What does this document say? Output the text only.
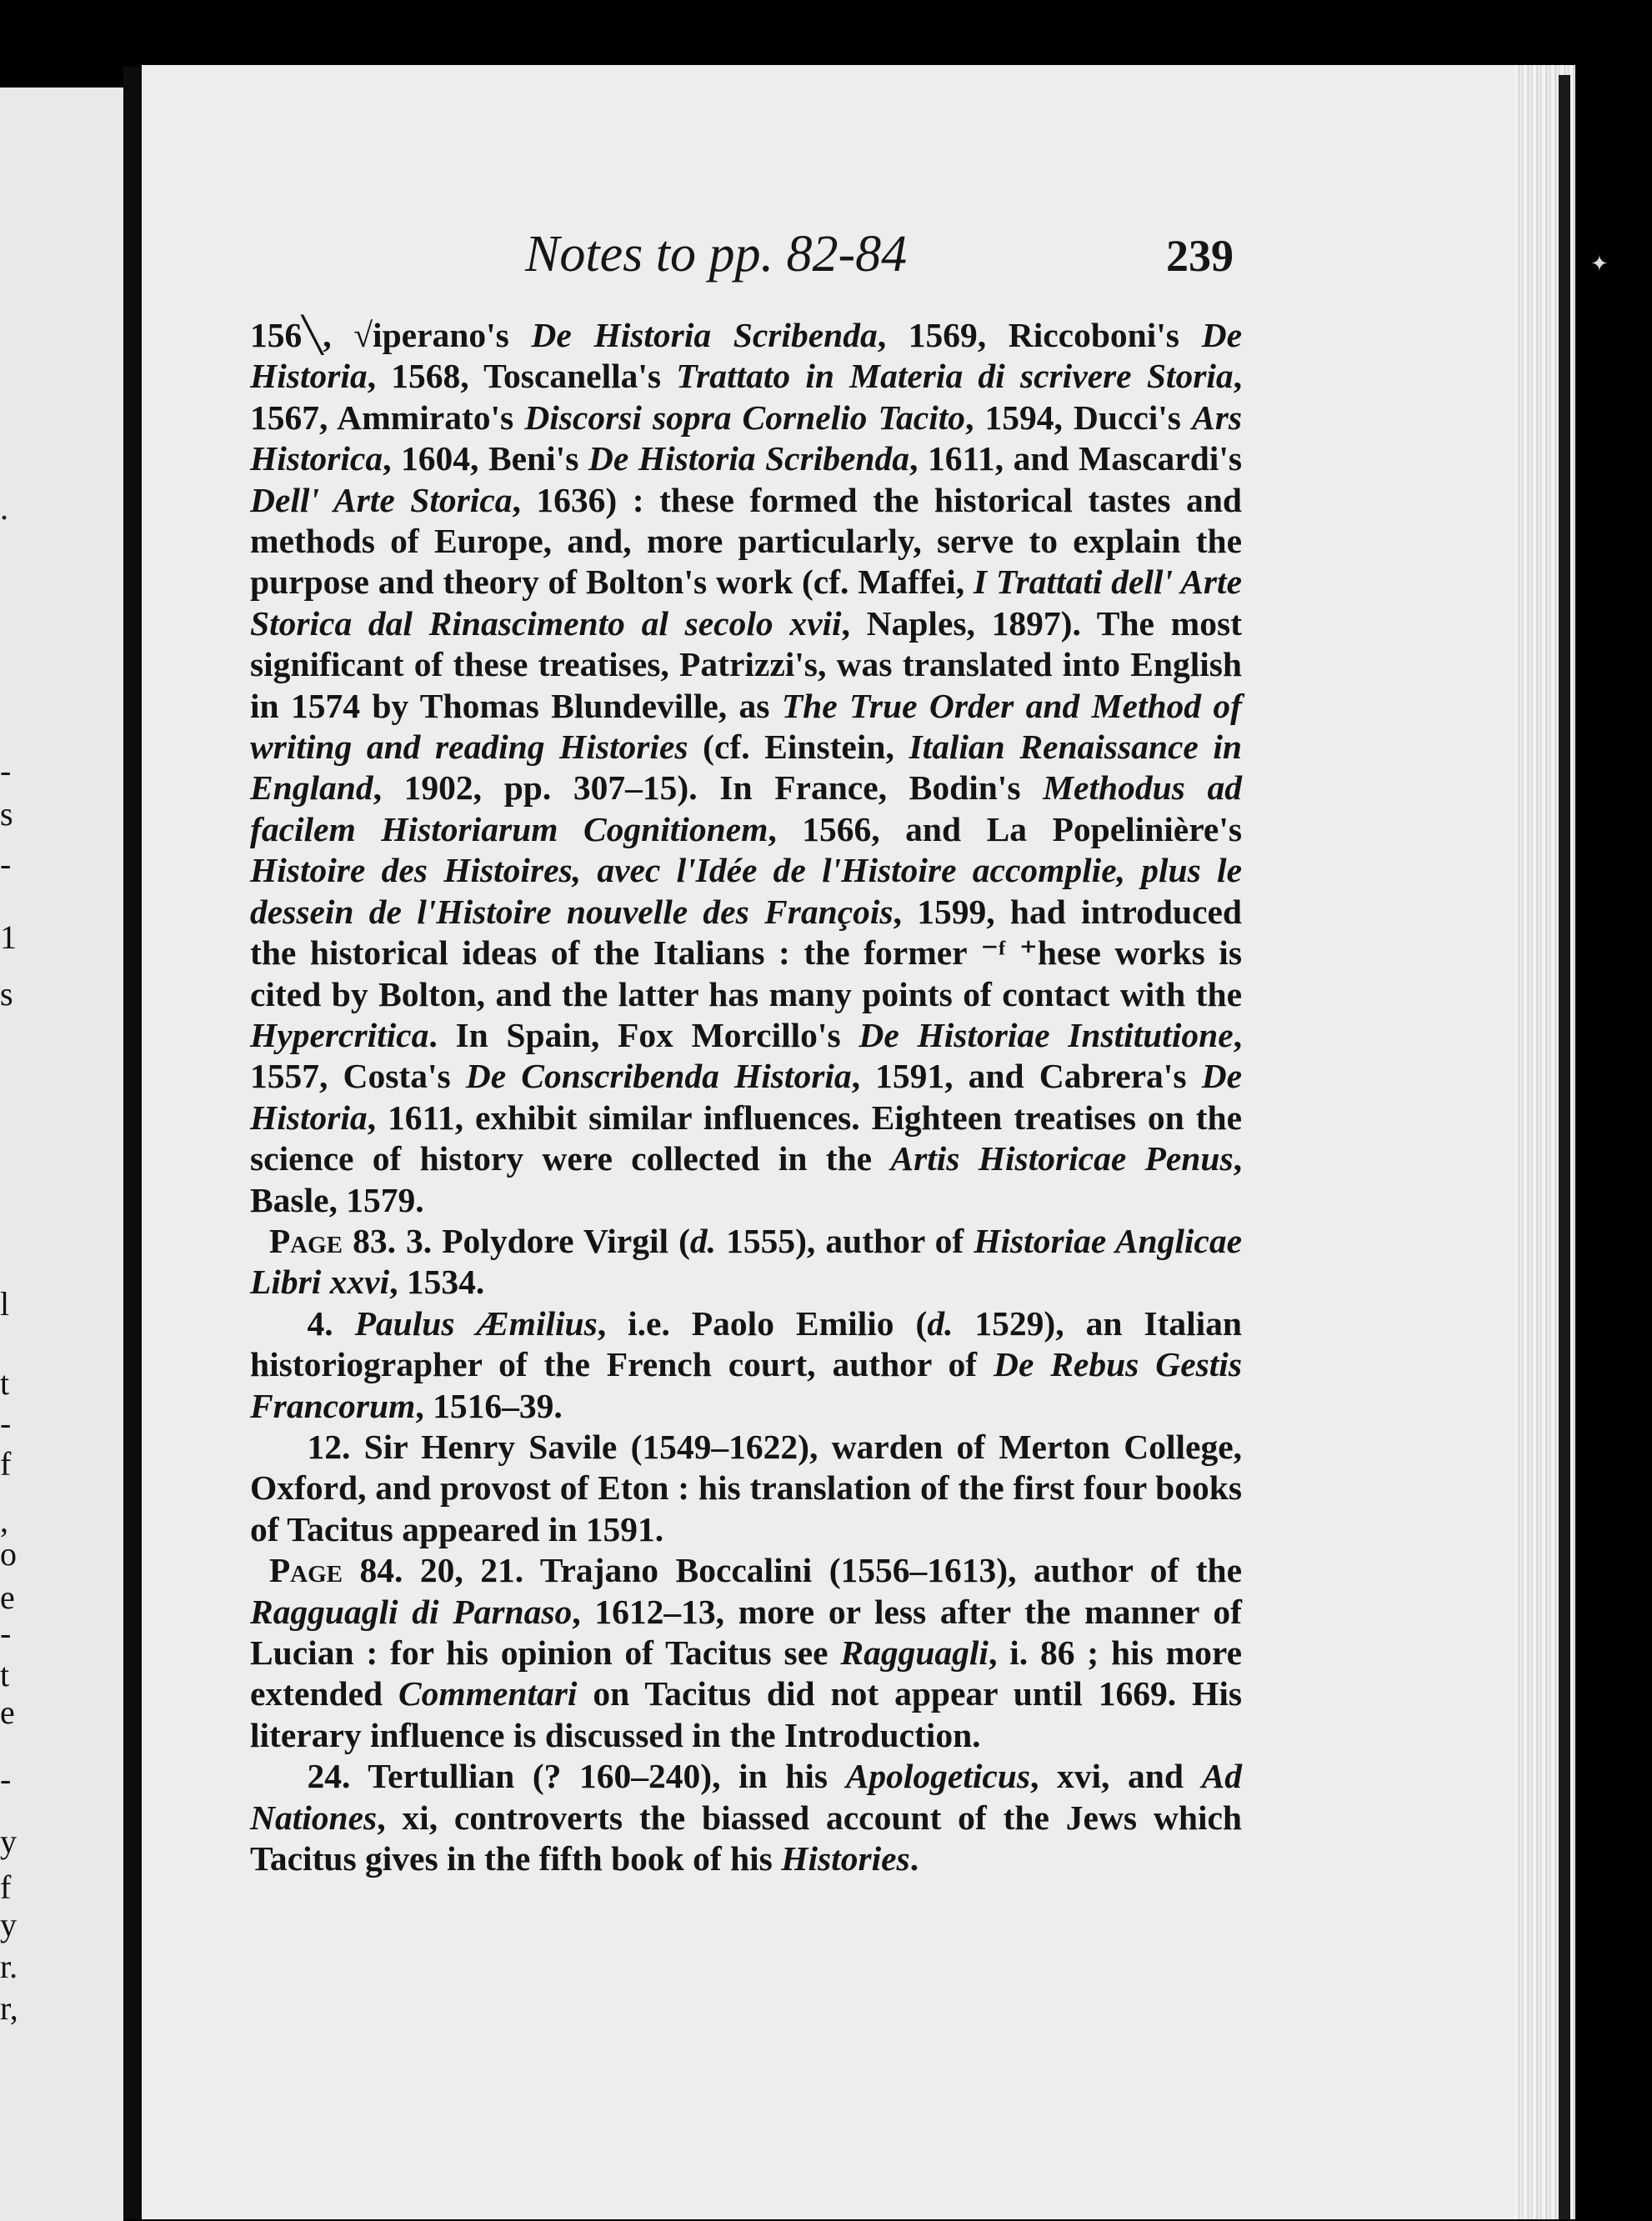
.
-
s
-
1
s
l
t
-
f
,
o
e
-
t
e
-
y
f
y
r.
r,
✦
Notes to pp. 82-84	239

156╲, √iperano's De Historia Scribenda, 1569, Riccoboni's De Historia, 1568, Toscanella's Trattato in Materia di scrivere Storia, 1567, Ammirato's Discorsi sopra Cornelio Tacito, 1594, Ducci's Ars Historica, 1604, Beni's De Historia Scribenda, 1611, and Mascardi's Dell' Arte Storica, 1636) : these formed the historical tastes and methods of Europe, and, more particularly, serve to explain the purpose and theory of Bolton's work (cf. Maffei, I Trattati dell' Arte Storica dal Rinascimento al secolo xvii, Naples, 1897). The most significant of these treatises, Patrizzi's, was translated into English in 1574 by Thomas Blundeville, as The True Order and Method of writing and reading Histories (cf. Einstein, Italian Renaissance in England, 1902, pp. 307–15). In France, Bodin's Methodus ad facilem Historiarum Cognitionem, 1566, and La Popelinière's Histoire des Histoires, avec l'Idée de l'Histoire accomplie, plus le dessein de l'Histoire nouvelle des François, 1599, had introduced the historical ideas of the Italians : the former ⁻ᶠ ⁺hese works is cited by Bolton, and the latter has many points of contact with the Hypercritica. In Spain, Fox Morcillo's De Historiae Institutione, 1557, Costa's De Conscribenda Historia, 1591, and Cabrera's De Historia, 1611, exhibit similar influences. Eighteen treatises on the science of history were collected in the Artis Historicae Penus, Basle, 1579.

Page 83. 3. Polydore Virgil (d. 1555), author of Historiae Anglicae Libri xxvi, 1534.

4. Paulus Æmilius, i.e. Paolo Emilio (d. 1529), an Italian historiographer of the French court, author of De Rebus Gestis Francorum, 1516–39.

12. Sir Henry Savile (1549–1622), warden of Merton College, Oxford, and provost of Eton : his translation of the first four books of Tacitus appeared in 1591.

Page 84. 20, 21. Trajano Boccalini (1556–1613), author of the Ragguagli di Parnaso, 1612–13, more or less after the manner of Lucian : for his opinion of Tacitus see Ragguagli, i. 86 ; his more extended Commentari on Tacitus did not appear until 1669. His literary influence is discussed in the Introduction.

24. Tertullian (? 160–240), in his Apologeticus, xvi, and Ad Nationes, xi, controverts the biassed account of the Jews which Tacitus gives in the fifth book of his Histories.
